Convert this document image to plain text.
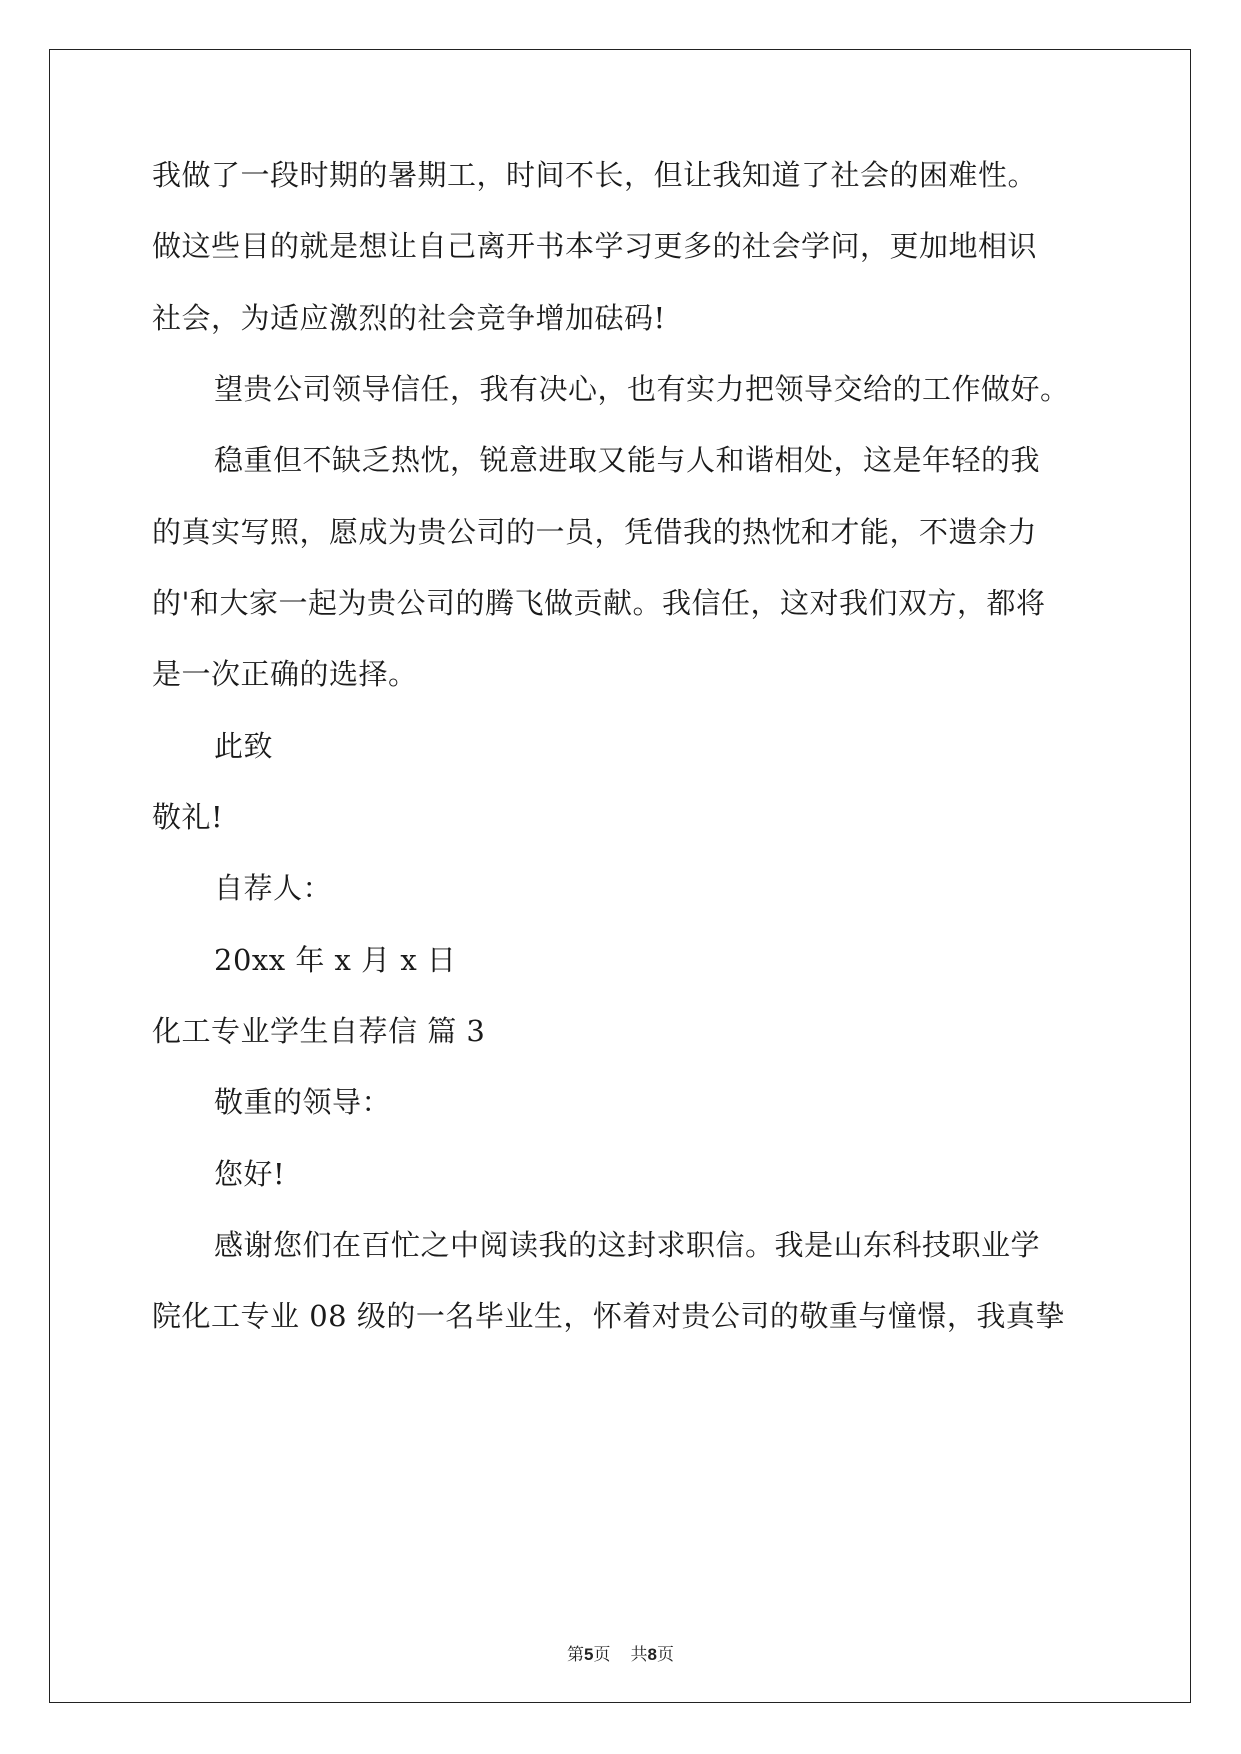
我做了一段时期的暑期工，时间不长，但让我知道了社会的困难性。
做这些目的就是想让自己离开书本学习更多的社会学问，更加地相识
社会，为适应激烈的社会竞争增加砝码!
望贵公司领导信任，我有决心，也有实力把领导交给的工作做好。
稳重但不缺乏热忱，锐意进取又能与人和谐相处，这是年轻的我
的真实写照，愿成为贵公司的一员，凭借我的热忱和才能，不遗余力
的'和大家一起为贵公司的腾飞做贡献。我信任，这对我们双方，都将
是一次正确的选择。
此致
敬礼!
自荐人：
20xx 年 x 月 x 日
化工专业学生自荐信 篇 3
敬重的领导：
您好!
感谢您们在百忙之中阅读我的这封求职信。我是山东科技职业学
院化工专业 08 级的一名毕业生，怀着对贵公司的敬重与憧憬，我真挚
第5页 共8页
